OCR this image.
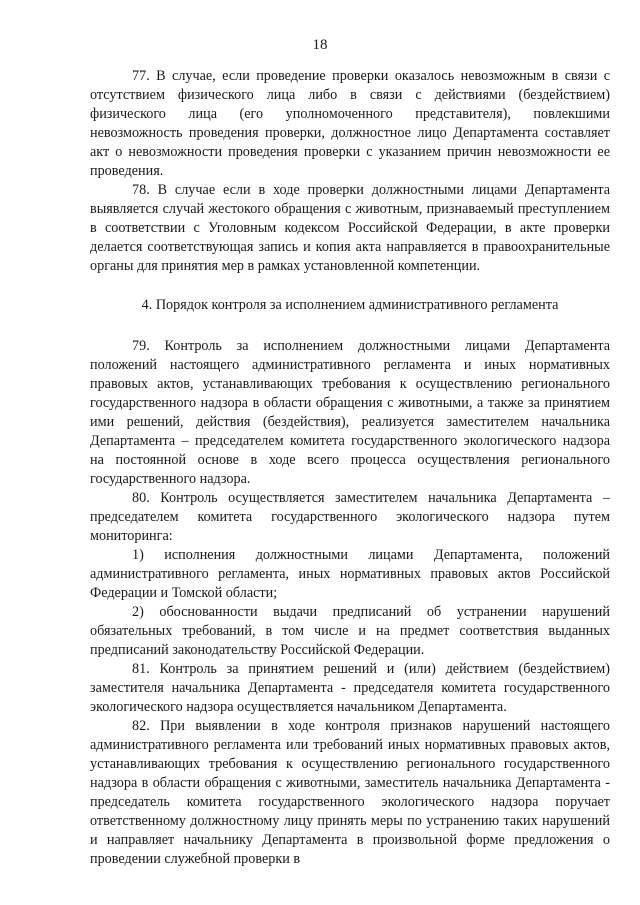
18

77. В случае, если проведение проверки оказалось невозможным в связи с отсутствием физического лица либо в связи с действиями (бездействием) физического лица (его уполномоченного представителя), повлекшими невозможность проведения проверки, должностное лицо Департамента составляет акт о невозможности проведения проверки с указанием причин невозможности ее проведения.

78. В случае если в ходе проверки должностными лицами Департамента выявляется случай жестокого обращения с животным, признаваемый преступлением в соответствии с Уголовным кодексом Российской Федерации, в акте проверки делается соответствующая запись и копия акта направляется в правоохранительные органы для принятия мер в рамках установленной компетенции.

4. Порядок контроля за исполнением административного регламента

79. Контроль за исполнением должностными лицами Департамента положений настоящего административного регламента и иных нормативных правовых актов, устанавливающих требования к осуществлению регионального государственного надзора в области обращения с животными, а также за принятием ими решений, действия (бездействия), реализуется заместителем начальника Департамента – председателем комитета государственного экологического надзора на постоянной основе в ходе всего процесса осуществления регионального государственного надзора.

80. Контроль осуществляется заместителем начальника Департамента – председателем комитета государственного экологического надзора путем мониторинга:

1) исполнения должностными лицами Департамента, положений административного регламента, иных нормативных правовых актов Российской Федерации и Томской области;

2) обоснованности выдачи предписаний об устранении нарушений обязательных требований, в том числе и на предмет соответствия выданных предписаний законодательству Российской Федерации.

81. Контроль за принятием решений и (или) действием (бездействием) заместителя начальника Департамента - председателя комитета государственного экологического надзора осуществляется начальником Департамента.

82. При выявлении в ходе контроля признаков нарушений настоящего административного регламента или требований иных нормативных правовых актов, устанавливающих требования к осуществлению регионального государственного надзора в области обращения с животными, заместитель начальника Департамента - председатель комитета государственного экологического надзора поручает ответственному должностному лицу принять меры по устранению таких нарушений и направляет начальнику Департамента в произвольной форме предложения о проведении служебной проверки в
